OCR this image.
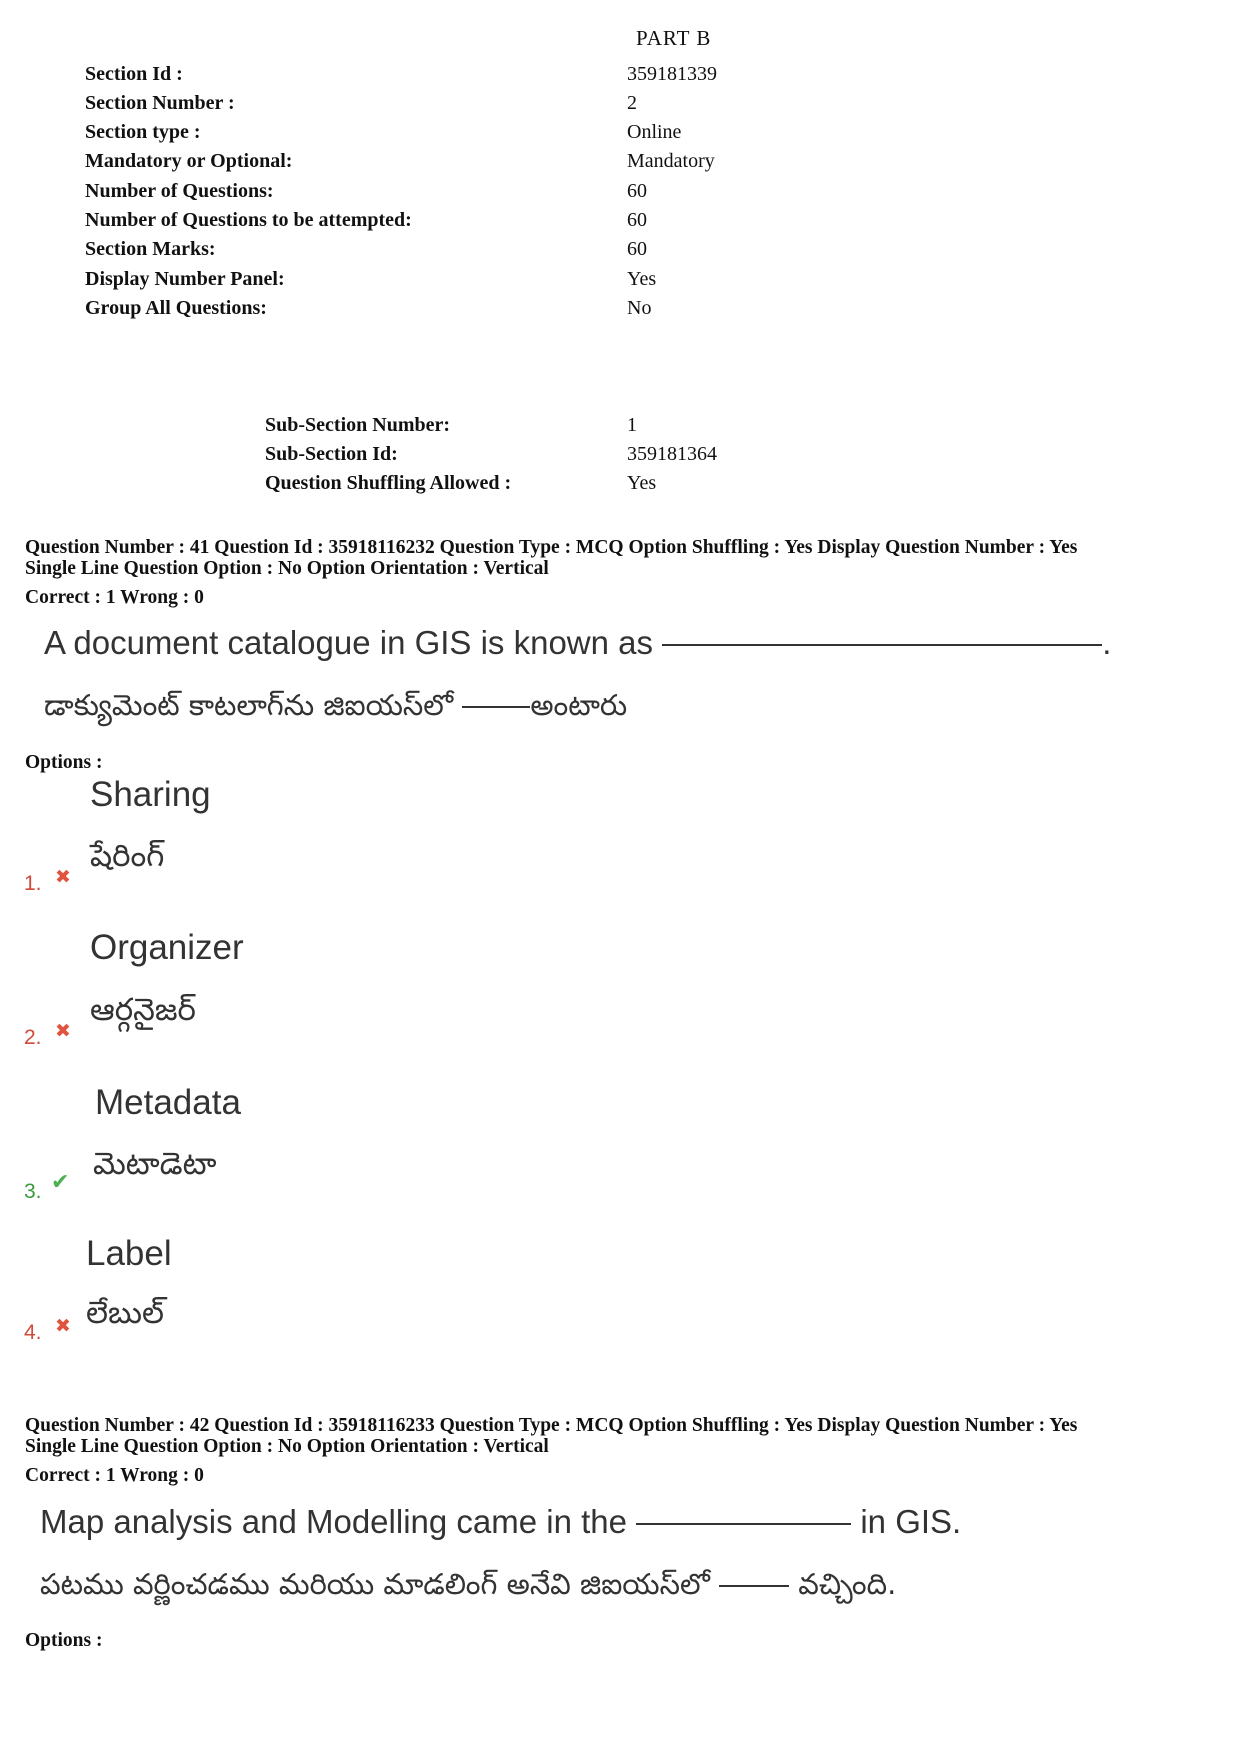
PART B
Section Id :	359181339
Section Number :	2
Section type :	Online
Mandatory or Optional:	Mandatory
Number of Questions:	60
Number of Questions to be attempted:	60
Section Marks:	60
Display Number Panel:	Yes
Group All Questions:	No
Sub-Section Number:	1
Sub-Section Id:	359181364
Question Shuffling Allowed :	Yes
Question Number : 41 Question Id : 35918116232 Question Type : MCQ Option Shuffling : Yes Display Question Number : Yes
Single Line Question Option : No Option Orientation : Vertical
Correct : 1 Wrong : 0
A document catalogue in GIS is known as	.
డాక్యుమెంట్ కాటలాగ్‌ను జిఐయస్‌లో	అంటారు
Options :
Sharing
షేరింగ్
1. ✖
Organizer
ఆర్గనైజర్
2. ✖
Metadata
మెటాడెటా
3. ✔
Label
లేబుల్
4. ✖
Question Number : 42 Question Id : 35918116233 Question Type : MCQ Option Shuffling : Yes Display Question Number : Yes
Single Line Question Option : No Option Orientation : Vertical
Correct : 1 Wrong : 0
Map analysis and Modelling came in the	in GIS.
పటము వర్ణించడము మరియు మాడలింగ్ అనేవి జిఐయస్‌లో	వచ్చింది.
Options :
